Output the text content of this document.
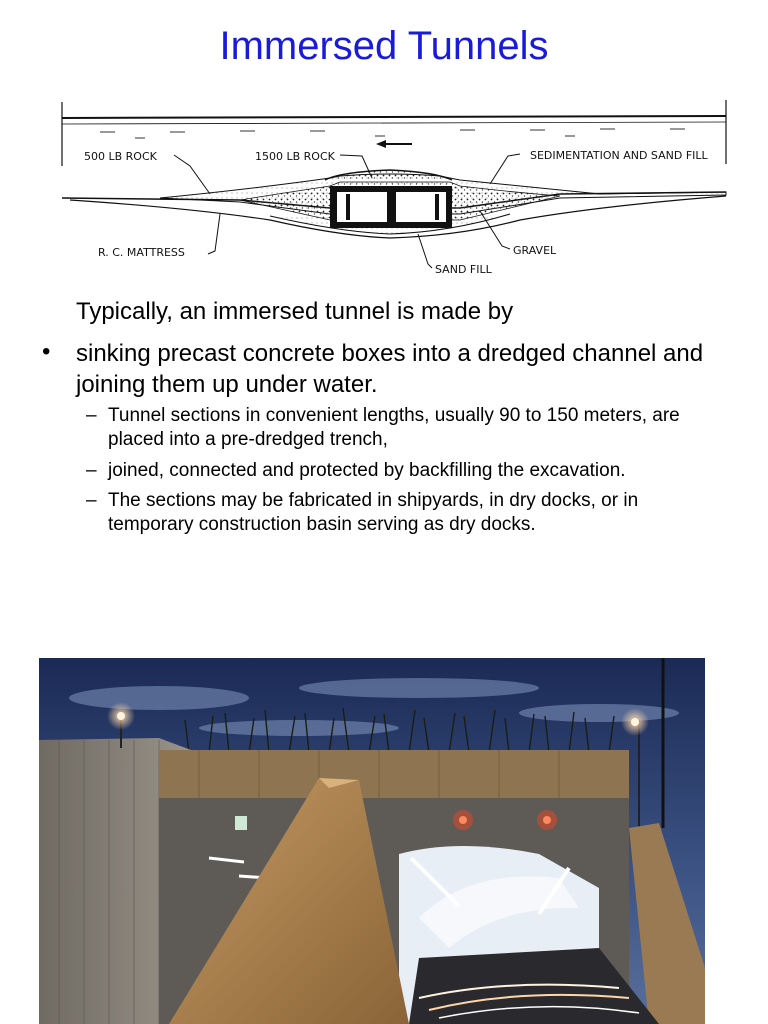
Immersed Tunnels
500 LB ROCK	1500 LB ROCK	SEDIMENTATION AND SAND FILL
R. C. MATTRESS	GRAVEL
SAND FILL
Typically, an immersed tunnel is made by
• sinking precast concrete boxes into a dredged channel and joining them up under water.
– Tunnel sections in convenient lengths, usually 90 to 150 meters, are placed into a pre-dredged trench,
– joined, connected and protected by backfilling the excavation.
– The sections may be fabricated in shipyards, in dry docks, or in temporary construction basin serving as dry docks.
